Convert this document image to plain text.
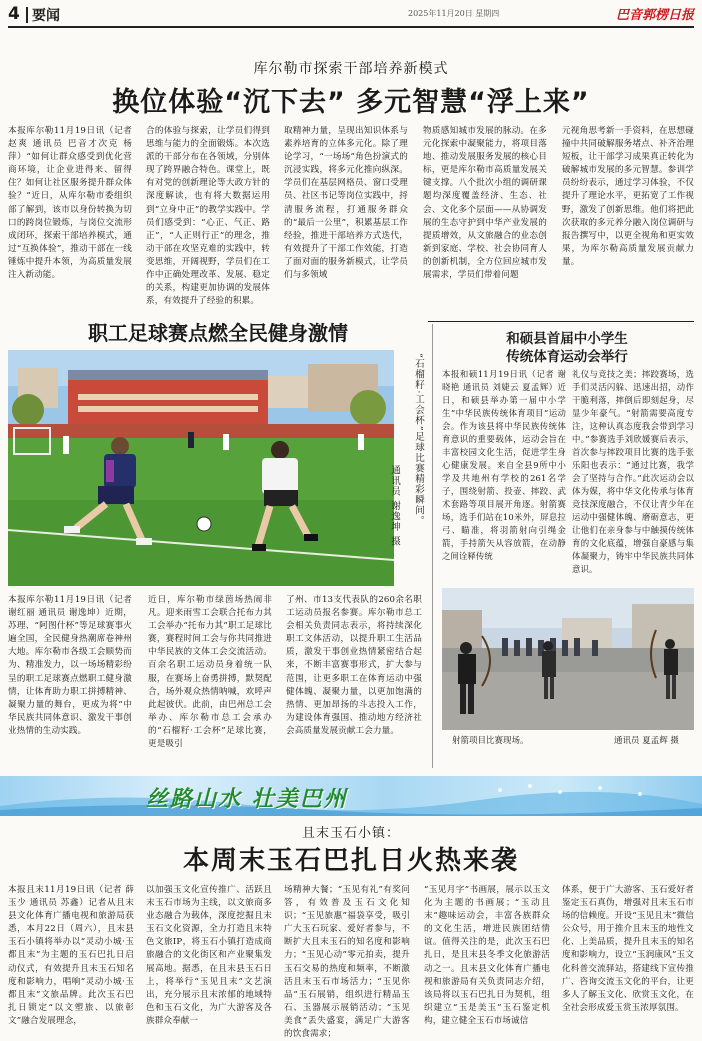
4 要闻	2025年11月20日 星期四	巴音郭楞日报
库尔勒市探索干部培养新模式
换位体验“沉下去” 多元智慧“浮上来”
本报库尔勒11月19日讯（记者 赵爽 通讯员 巴音才次克 杨萍）“如何让群众感受到优化营商环境，让企业进得来、留得住？如何让社区服务提升群众体验？”近日，从库尔勒市委组织部了解到，该市以身份转换为切口的跨岗位锻炼，与岗位交流形成闭环，探索干部培养模式，通过“互换体验”，推动干部在一线锤炼中提升本领，为高质量发展注入新动能。
合的体验与探索，让学员们得到思维与能力的全面锻炼。本次选派的干部分布在各领域，分别体现了跨界融合特色。课堂上，既有对党的创新理论等大政方针的深度解读，也有将大数据运用到“立身中正”的教学实践中。学员们感受到：“心正、气正、路正”，“人正则行正”的理念，推动干部在攻坚克难的实践中，转变思维，开阔视野，学员们在工作中正确处理改革、发展、稳定的关系，构建更加协调的发展体系，有效提升了经验的积累。
取精神力量，呈现出知识体系与素养培育的立体多元化。除了理论学习，“一场场”角色扮演式的沉浸实践，将多元化推向纵深。学员们在基层网格员、窗口受理员、社区书记等岗位实践中，捋清服务流程，打通服务群众的“最后一公里”，积累基层工作经验，推进干部培养方式迭代，有效提升了干部工作效能，打造了面对面的服务新模式，让学员们与多领域
物质感知城市发展的脉动。在多元化探索中凝聚能力，将项目落地、推动发展服务发展的核心目标，更是库尔勒市高质量发展关键支撑。八个批次小组的调研课题均深度覆盖经济、生态、社会、文化多个层面——从协调发展的生态守护到中华产业发展的提质增效，从文旅融合的业态创新到家庭、学校、社会协同育人的创新机制，全方位回应城市发展需求，学员们带着问题
元视角思考新一手资料，在思想碰撞中共同破解服务堵点、补齐治理短板，让干部学习成果真正转化为破解城市发展的多元智慧。参训学员纷纷表示，通过学习体验，不仅提升了理论水平，更拓宽了工作视野，激发了创新思维。他们将把此次获取的多元养分融入岗位调研与报告撰写中，以更全视角和更实效果，为库尔勒高质量发展贡献力量。
职工足球赛点燃全民健身激情
“石榴籽·工会杯”足球比赛精彩瞬间。
通讯员 谢逸坤 摄
本报库尔勒11月19日讯（记者 谢红丽 通讯员 谢逸坤）近期，苏理、“阿图什杯”等足球赛事火遍全国，全民健身热潮席卷神州大地。库尔勒市各级工会顺势而为、精准发力，以一场场精彩纷呈的职工足球赛点燃职工健身激情，让体育助力职工拼搏精神、凝聚力量的舞台，更成为将“中华民族共同体意识、激发干事创业热情的生动实践。
近日，库尔勒市绿茵场热闹非凡。迎来雨雪工会联合托布力其工会举办“托布力其”职工足球比赛，赛程时间工会与你共同推进中华民族的文体工会交流活动。百余名职工运动员身着统一队服，在赛场上奋勇拼搏，默契配合，场外观众热情呐喊，欢呼声此起彼伏。此前，由巴州总工会举办、库尔勒市总工会承办的“石榴籽·工会杯”足球比赛，更是吸引
了州、市13支代表队的260余名职工运动员报名参赛。库尔勒市总工会相关负责同志表示，将持续深化职工文体活动，以提升职工生活品质，激发干事创业热情紧密结合起来，不断丰富赛事形式，扩大参与范围，让更多职工在体育运动中强健体魄、凝聚力量，以更加饱满的热情、更加昂扬的斗志投入工作，为建设体育强国、推动地方经济社会高质量发展贡献工会力量。
和硕县首届中小学生
传统体育运动会举行
本报和硕11月19日讯（记者 谢晓艳 通讯员 刘婕云 夏孟辉）近日，和硕县举办第一届中小学生“中华民族传统体育项目”运动会。作为该县将中华民族传统体育意识的重要载体，运动会旨在丰富校园文化生活，促进学生身心健康发展。来自全县9所中小学及共地州有学校的261名学子，围绕射箭、投壶、摔跤、武术套路等项目展开角逐。射箭赛场，选手们站在10米外，屏息拉弓、瞄准，将羽箭射向引绳金箭，手持箭矢从容放箭，在动静之间诠释传统
礼仪与竞技之美；摔跤赛场，选手们灵活闪躲、迅速出招，动作干脆利落，摔倒后即刻起身，尽显少年豪气。“射箭需要高度专注，这种认真态度我会带到学习中。”参赛选手刘欣媛赛后表示，首次参与摔跤项目比赛的选手张乐阳也表示：“通过比赛，我学会了坚持与合作。”此次运动会以体为媒，将中华文化传承与体育竞技深度融合，不仅让青少年在运动中强健体魄、磨砺意志，更让他们在亲身参与中触摸传统体育的文化底蕴，增强自豪感与集体凝聚力，铸牢中华民族共同体意识。
射箭项目比赛现场。	通讯员 夏孟辉 摄
丝路山水 壮美巴州
且末玉石小镇：
本周末玉石巴扎日火热来袭
本报且末11月19日讯（记者 薛玉少 通讯员 苏鑫）记者从且末县文化体育广播电视和旅游局获悉，本月22日（周六），且末县玉石小镇将举办以“灵动小城·玉都且末”为主题的玉石巴扎日启动仪式，有效提升且末玉石知名度和影响力，唱响“灵动小城·玉都且末”文旅品牌。此次玉石巴扎日锁定“以文塑旅、以旅彰文”融合发展理念，
以加强玉文化宣传推广、活跃且末玉石市场为主线，以文旅商多业态融合为载体，深度挖掘且末玉石文化资源，全力打造且末特色文旅IP，将玉石小镇打造成商旅融合的文化街区和产业聚集发展高地。据悉，在且末县玉石日上，将举行“玉见且末”文艺演出，充分展示且末浓郁的地域特色和玉石文化，为广大游客及各族群众奉献一
场精神大餐；“玉见有礼”有奖问答，有效普及玉石文化知识；“玉见旅惠”福袋享受，吸引广大玉石玩家、爱好者参与，不断扩大且末玉石的知名度和影响力；“玉见心动”零元拍卖，提升玉石交易的热度和频率，不断激活且末玉石市场活力；“玉见你品”玉石展销，组织进行精品玉石、玉器展示展销活动；“玉见美食”丢失盛宴，满足广大游客的饮食需求；
“玉见月字”书画展，展示以玉文化为主题的书画展；“玉动且末”趣味运动会，丰富各族群众的文化生活，增进民族团结情谊。值得关注的是，此次玉石巴扎日，是且末县冬季文化旅游活动之一。且末县文化体育广播电视和旅游局有关负责同志介绍，该局将以玉石巴扎日为契机，组织建立“玉是美玉”玉石鉴定机构，建立健全玉石市场诚信
体系，便于广大游客、玉石爱好者鉴定玉石真伪，增强对且末玉石市场的信赖度。开设“玉见且末”微信公众号，用于推介且末玉的地性文化、上美品质，提升且末玉的知名度和影响力，设立“玉润康风”玉文化科普交流驿站，搭建线下宣传推广、咨询交流玉文化的平台，让更多人了解玉文化、欣赏玉文化，在全社会形成爱玉赏玉浓厚氛围。
